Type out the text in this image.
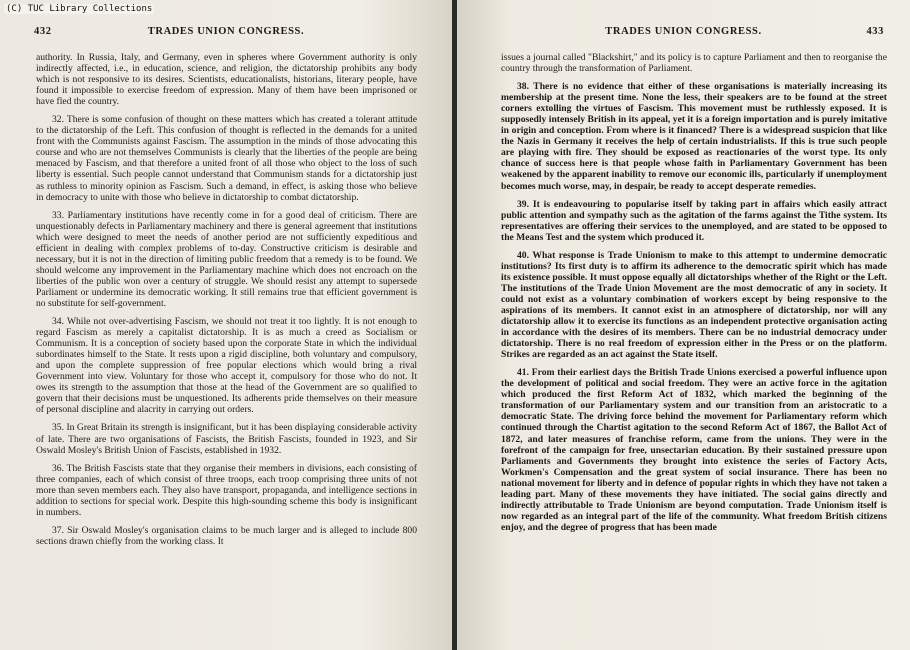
(C) TUC Library Collections
432	TRADES UNION CONGRESS.

authority. In Russia, Italy, and Germany, even in spheres where Government authority is only indirectly affected, i.e., in education, science, and religion, the dictatorship prohibits any body which is not responsive to its desires. Scientists, educationalists, historians, literary people, have found it impossible to exercise freedom of expression. Many of them have been imprisoned or have fled the country.

32. There is some confusion of thought on these matters which has created a tolerant attitude to the dictatorship of the Left. This confusion of thought is reflected in the demands for a united front with the Communists against Fascism. The assumption in the minds of those advocating this course and who are not themselves Communists is clearly that the liberties of the people are being menaced by Fascism, and that therefore a united front of all those who object to the loss of such liberty is essential. Such people cannot understand that Communism stands for a dictatorship just as ruthless to minority opinion as Fascism. Such a demand, in effect, is asking those who believe in democracy to unite with those who believe in dictatorship to combat dictatorship.

33. Parliamentary institutions have recently come in for a good deal of criticism. There are unquestionably defects in Parliamentary machinery and there is general agreement that institutions which were designed to meet the needs of another period are not sufficiently expeditious and efficient in dealing with complex problems of to-day. Constructive criticism is desirable and necessary, but it is not in the direction of limiting public freedom that a remedy is to be found. We should welcome any improvement in the Parliamentary machine which does not encroach on the liberties of the public won over a century of struggle. We should resist any attempt to supersede Parliament or undermine its democratic working. It still remains true that efficient government is no substitute for self-government.

34. While not over-advertising Fascism, we should not treat it too lightly. It is not enough to regard Fascism as merely a capitalist dictatorship. It is as much a creed as Socialism or Communism. It is a conception of society based upon the corporate State in which the individual subordinates himself to the State. It rests upon a rigid discipline, both voluntary and compulsory, and upon the complete suppression of free popular elections which would bring a rival Government into view. Voluntary for those who accept it, compulsory for those who do not. It owes its strength to the assumption that those at the head of the Government are so qualified to govern that their decisions must be unquestioned. Its adherents pride themselves on their measure of personal discipline and alacrity in carrying out orders.

35. In Great Britain its strength is insignificant, but it has been displaying considerable activity of late. There are two organisations of Fascists, the British Fascists, founded in 1923, and Sir Oswald Mosley's British Union of Fascists, established in 1932.

36. The British Fascists state that they organise their members in divisions, each consisting of three companies, each of which consist of three troops, each troop comprising three units of not more than seven members each. They also have transport, propaganda, and intelligence sections in addition to sections for special work. Despite this high-sounding scheme this body is insignificant in numbers.

37. Sir Oswald Mosley's organisation claims to be much larger and is alleged to include 800 sections drawn chiefly from the working class. It

TRADES UNION CONGRESS.	433

issues a journal called "Blackshirt," and its policy is to capture Parliament and then to reorganise the country through the transformation of Parliament.

38. There is no evidence that either of these organisations is materially increasing its membership at the present time. None the less, their speakers are to be found at the street corners extolling the virtues of Fascism. This movement must be ruthlessly exposed. It is supposedly intensely British in its appeal, yet it is a foreign importation and is purely imitative in origin and conception. From where is it financed? There is a widespread suspicion that like the Nazis in Germany it receives the help of certain industrialists. If this is true such people are playing with fire. They should be exposed as reactionaries of the worst type. Its only chance of success here is that people whose faith in Parliamentary Government has been weakened by the apparent inability to remove our economic ills, particularly if unemployment becomes much worse, may, in despair, be ready to accept desperate remedies.

39. It is endeavouring to popularise itself by taking part in affairs which easily attract public attention and sympathy such as the agitation of the farms against the Tithe system. Its representatives are offering their services to the unemployed, and are stated to be opposed to the Means Test and the system which produced it.

40. What response is Trade Unionism to make to this attempt to undermine democratic institutions? Its first duty is to affirm its adherence to the democratic spirit which has made its existence possible. It must oppose equally all dictatorships whether of the Right or the Left. The institutions of the Trade Union Movement are the most democratic of any in society. It could not exist as a voluntary combination of workers except by being responsive to the aspirations of its members. It cannot exist in an atmosphere of dictatorship, nor will any dictatorship allow it to exercise its functions as an independent protective organisation acting in accordance with the desires of its members. There can be no industrial democracy under dictatorship. There is no real freedom of expression either in the Press or on the platform. Strikes are regarded as an act against the State itself.

41. From their earliest days the British Trade Unions exercised a powerful influence upon the development of political and social freedom. They were an active force in the agitation which produced the first Reform Act of 1832, which marked the beginning of the transformation of our Parliamentary system and our transition from an aristocratic to a democratic State. The driving force behind the movement for Parliamentary reform which continued through the Chartist agitation to the second Reform Act of 1867, the Ballot Act of 1872, and later measures of franchise reform, came from the unions. They were in the forefront of the campaign for free, unsectarian education. By their sustained pressure upon Parliaments and Governments they brought into existence the series of Factory Acts, Workmen's Compensation and the great system of social insurance. There has been no national movement for liberty and in defence of popular rights in which they have not taken a leading part. Many of these movements they have initiated. The social gains directly and indirectly attributable to Trade Unionism are beyond computation. Trade Unionism itself is now regarded as an integral part of the life of the community. What freedom British citizens enjoy, and the degree of progress that has been made
